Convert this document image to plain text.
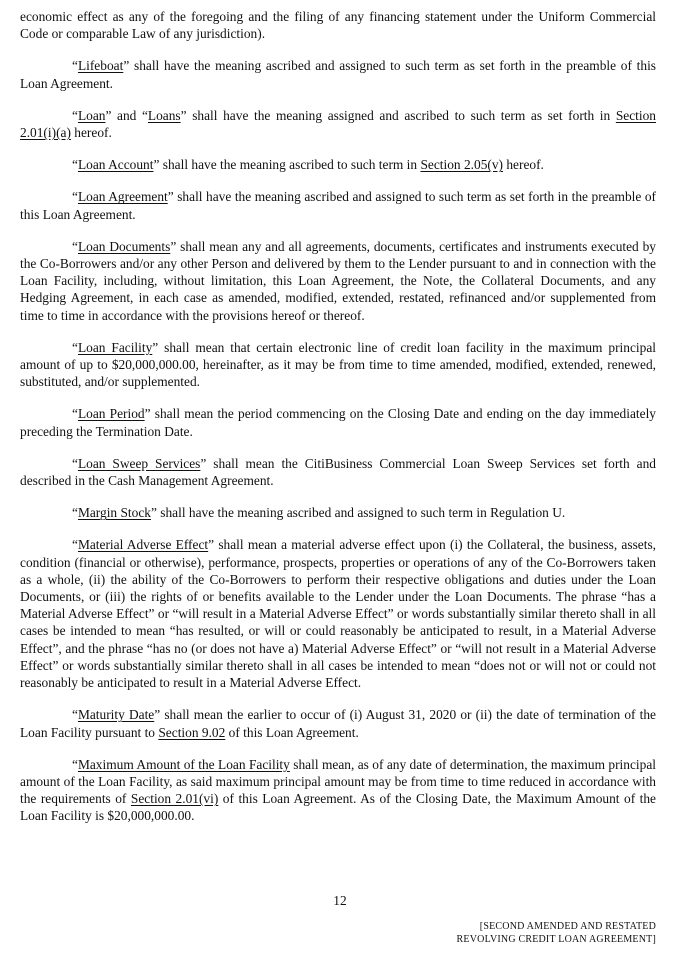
economic effect as any of the foregoing and the filing of any financing statement under the Uniform Commercial Code or comparable Law of any jurisdiction).

“Lifeboat” shall have the meaning ascribed and assigned to such term as set forth in the preamble of this Loan Agreement.

“Loan” and “Loans” shall have the meaning assigned and ascribed to such term as set forth in Section 2.01(i)(a) hereof.

“Loan Account” shall have the meaning ascribed to such term in Section 2.05(v) hereof.

“Loan Agreement” shall have the meaning ascribed and assigned to such term as set forth in the preamble of this Loan Agreement.

“Loan Documents” shall mean any and all agreements, documents, certificates and instruments executed by the Co-Borrowers and/or any other Person and delivered by them to the Lender pursuant to and in connection with the Loan Facility, including, without limitation, this Loan Agreement, the Note, the Collateral Documents, and any Hedging Agreement, in each case as amended, modified, extended, restated, refinanced and/or supplemented from time to time in accordance with the provisions hereof or thereof.

“Loan Facility” shall mean that certain electronic line of credit loan facility in the maximum principal amount of up to $20,000,000.00, hereinafter, as it may be from time to time amended, modified, extended, renewed, substituted, and/or supplemented.

“Loan Period” shall mean the period commencing on the Closing Date and ending on the day immediately preceding the Termination Date.

“Loan Sweep Services” shall mean the CitiBusiness Commercial Loan Sweep Services set forth and described in the Cash Management Agreement.

“Margin Stock” shall have the meaning ascribed and assigned to such term in Regulation U.

“Material Adverse Effect” shall mean a material adverse effect upon (i) the Collateral, the business, assets, condition (financial or otherwise), performance, prospects, properties or operations of any of the Co-Borrowers taken as a whole, (ii) the ability of the Co-Borrowers to perform their respective obligations and duties under the Loan Documents, or (iii) the rights of or benefits available to the Lender under the Loan Documents. The phrase “has a Material Adverse Effect” or “will result in a Material Adverse Effect” or words substantially similar thereto shall in all cases be intended to mean “has resulted, or will or could reasonably be anticipated to result, in a Material Adverse Effect”, and the phrase “has no (or does not have a) Material Adverse Effect” or “will not result in a Material Adverse Effect” or words substantially similar thereto shall in all cases be intended to mean “does not or will not or could not reasonably be anticipated to result in a Material Adverse Effect.

“Maturity Date” shall mean the earlier to occur of (i) August 31, 2020 or (ii) the date of termination of the Loan Facility pursuant to Section 9.02 of this Loan Agreement.

“Maximum Amount of the Loan Facility shall mean, as of any date of determination, the maximum principal amount of the Loan Facility, as said maximum principal amount may be from time to time reduced in accordance with the requirements of Section 2.01(vi) of this Loan Agreement. As of the Closing Date, the Maximum Amount of the Loan Facility is $20,000,000.00.

12
[SECOND AMENDED AND RESTATED
REVOLVING CREDIT LOAN AGREEMENT]
